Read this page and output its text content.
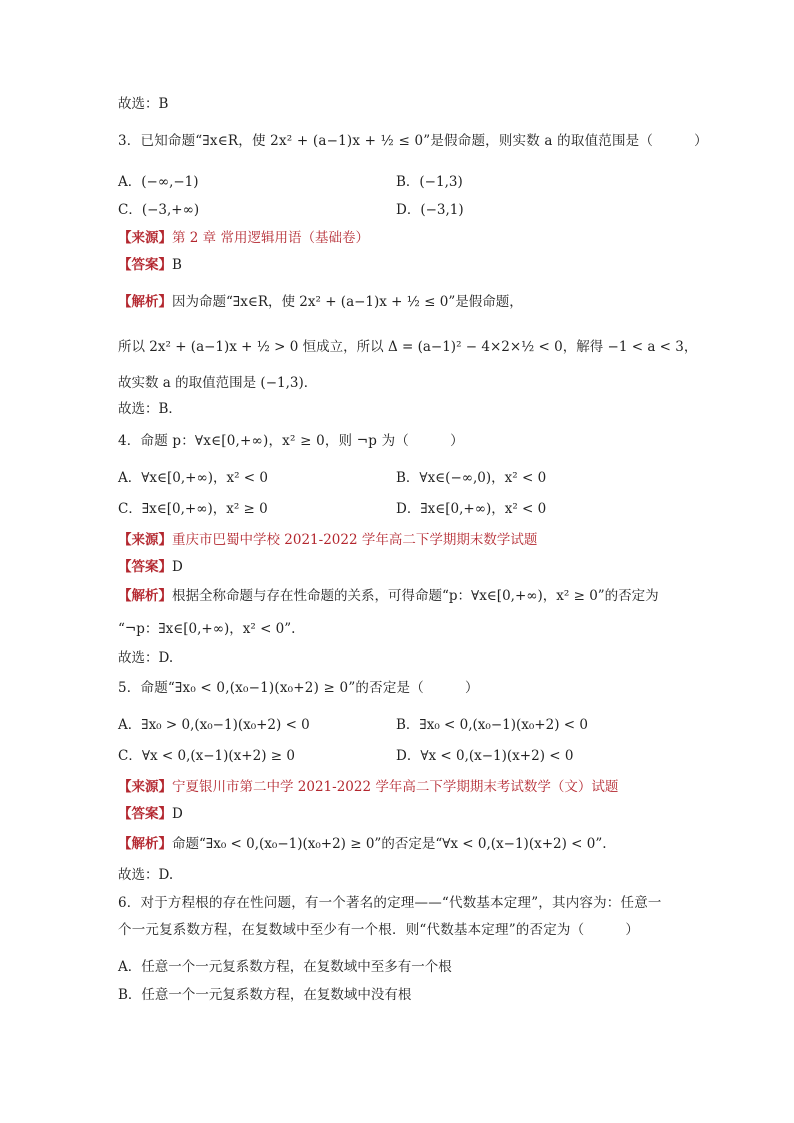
故选：B
3．已知命题“∃x∈R，使 2x² + (a−1)x + ½ ≤ 0”是假命题，则实数 a 的取值范围是（　　　）
A．(−∞,−1)	B．(−1,3)
C．(−3,+∞)	D．(−3,1)
【来源】第 2 章 常用逻辑用语（基础卷）
【答案】B
【解析】因为命题“∃x∈R，使 2x² + (a−1)x + ½ ≤ 0”是假命题，
所以 2x² + (a−1)x + ½ > 0 恒成立，所以 Δ = (a−1)² − 4×2×½ < 0，解得 −1 < a < 3，
故实数 a 的取值范围是 (−1,3)．
故选：B．
4．命题 p：∀x∈[0,+∞)，x² ≥ 0，则 ¬p 为（　　　）
A．∀x∈[0,+∞)，x² < 0	B．∀x∈(−∞,0)，x² < 0
C．∃x∈[0,+∞)，x² ≥ 0	D．∃x∈[0,+∞)，x² < 0
【来源】重庆市巴蜀中学校 2021-2022 学年高二下学期期末数学试题
【答案】D
【解析】根据全称命题与存在性命题的关系，可得命题“p：∀x∈[0,+∞)，x² ≥ 0”的否定为
“¬p：∃x∈[0,+∞)，x² < 0”.
故选：D.
5．命题“∃x₀ < 0,(x₀−1)(x₀+2) ≥ 0”的否定是（　　　）
A．∃x₀ > 0,(x₀−1)(x₀+2) < 0	B．∃x₀ < 0,(x₀−1)(x₀+2) < 0
C．∀x < 0,(x−1)(x+2) ≥ 0	D．∀x < 0,(x−1)(x+2) < 0
【来源】宁夏银川市第二中学 2021-2022 学年高二下学期期末考试数学（文）试题
【答案】D
【解析】命题“∃x₀ < 0,(x₀−1)(x₀+2) ≥ 0”的否定是“∀x < 0,(x−1)(x+2) < 0”.
故选：D.
6．对于方程根的存在性问题，有一个著名的定理——“代数基本定理”，其内容为：任意一
个一元复系数方程，在复数域中至少有一个根．则“代数基本定理”的否定为（　　　）
A．任意一个一元复系数方程，在复数域中至多有一个根
B．任意一个一元复系数方程，在复数域中没有根
